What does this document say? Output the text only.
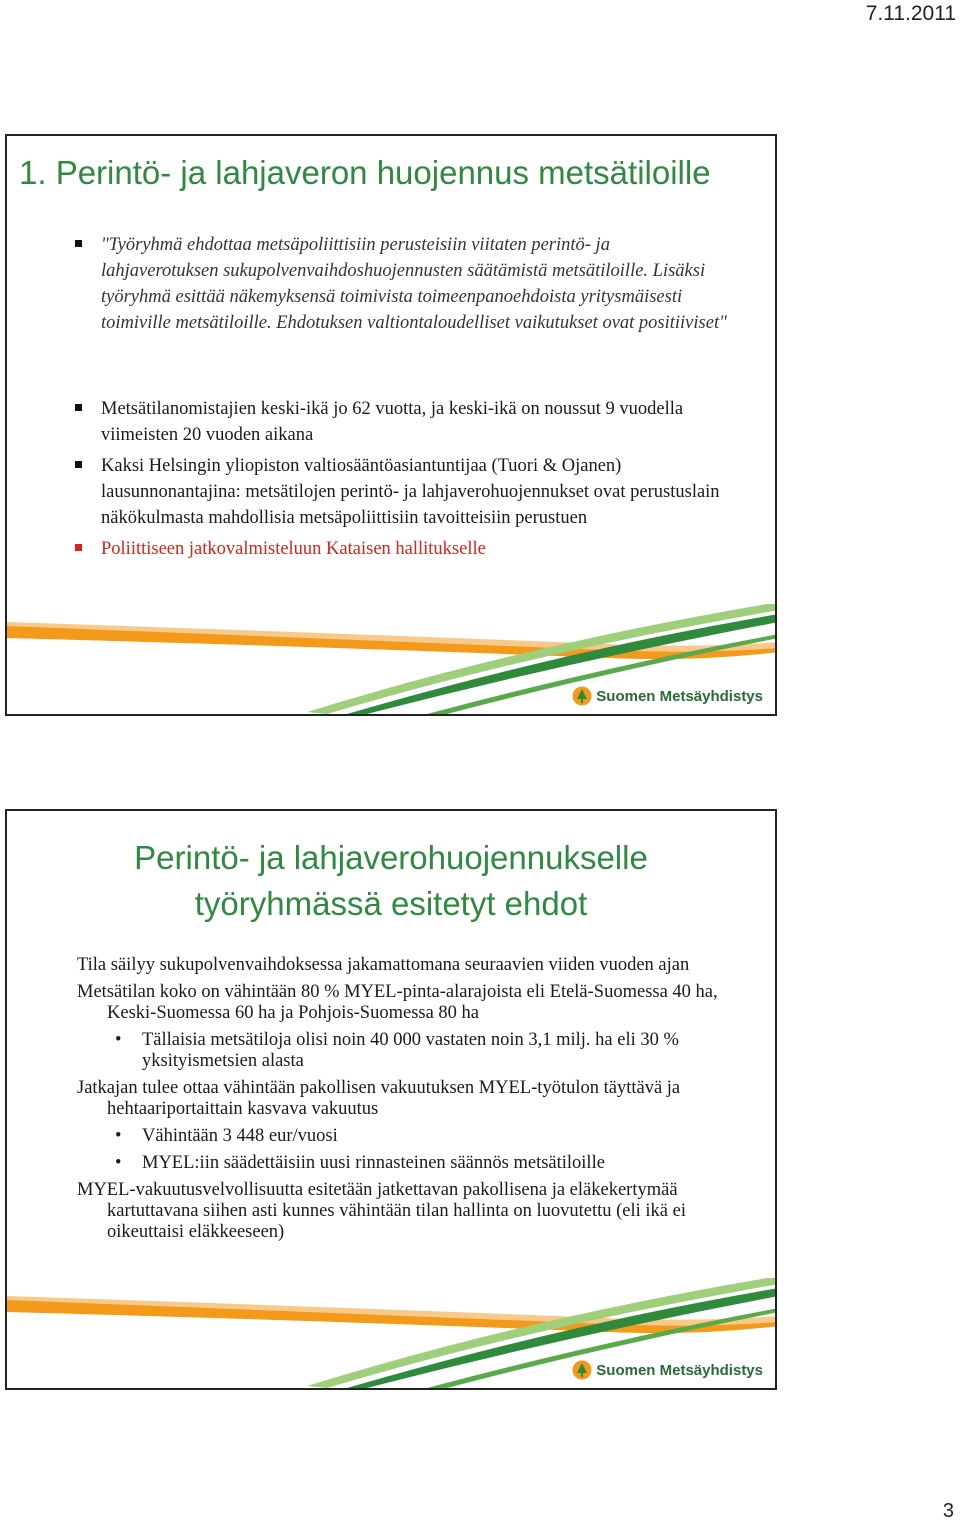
7.11.2011
1. Perintö- ja lahjaveron huojennus metsätiloille
"Työryhmä ehdottaa metsäpoliittisiin perusteisiin viitaten perintö- ja lahjaverotuksen sukupolvenvaihdoshuojennusten säätämistä metsätiloille. Lisäksi työryhmä esittää näkemyksensä toimivista toimeenpanoehdoista yritysmäisesti toimiville metsätiloille. Ehdotuksen valtiontaloudelliset vaikutukset ovat positiiviset"
Metsätilanomistajien keski-ikä jo 62 vuotta, ja keski-ikä on noussut 9 vuodella viimeisten 20 vuoden aikana
Kaksi Helsingin yliopiston valtiosääntöasiantuntijaa (Tuori & Ojanen) lausunnonantajina: metsätilojen perintö- ja lahjaverohuojennukset ovat perustuslain näkökulmasta mahdollisia metsäpoliittisiin tavoitteisiin perustuen
Poliittiseen jatkovalmisteluun Kataisen hallitukselle
Suomen Metsäyhdistys
Perintö- ja lahjaverohuojennukselle
työryhmässä esitetyt ehdot
Tila säilyy sukupolvenvaihdoksessa jakamattomana seuraavien viiden vuoden ajan
Metsätilan koko on vähintään 80 % MYEL-pinta-alarajoista eli Etelä-Suomessa 40 ha, Keski-Suomessa 60 ha ja Pohjois-Suomessa 80 ha
• Tällaisia metsätiloja olisi noin 40 000 vastaten noin 3,1 milj. ha eli 30 % yksityismetsien alasta
Jatkajan tulee ottaa vähintään pakollisen vakuutuksen MYEL-työtulon täyttävä ja hehtaariportaittain kasvava vakuutus
• Vähintään 3 448 eur/vuosi
• MYEL:iin säädettäisiin uusi rinnasteinen säännös metsätiloille
MYEL-vakuutusvelvollisuutta esitetään jatkettavan pakollisena ja eläkekertymää kartuttavana siihen asti kunnes vähintään tilan hallinta on luovutettu (eli ikä ei oikeuttaisi eläkkeeseen)
Suomen Metsäyhdistys
3
